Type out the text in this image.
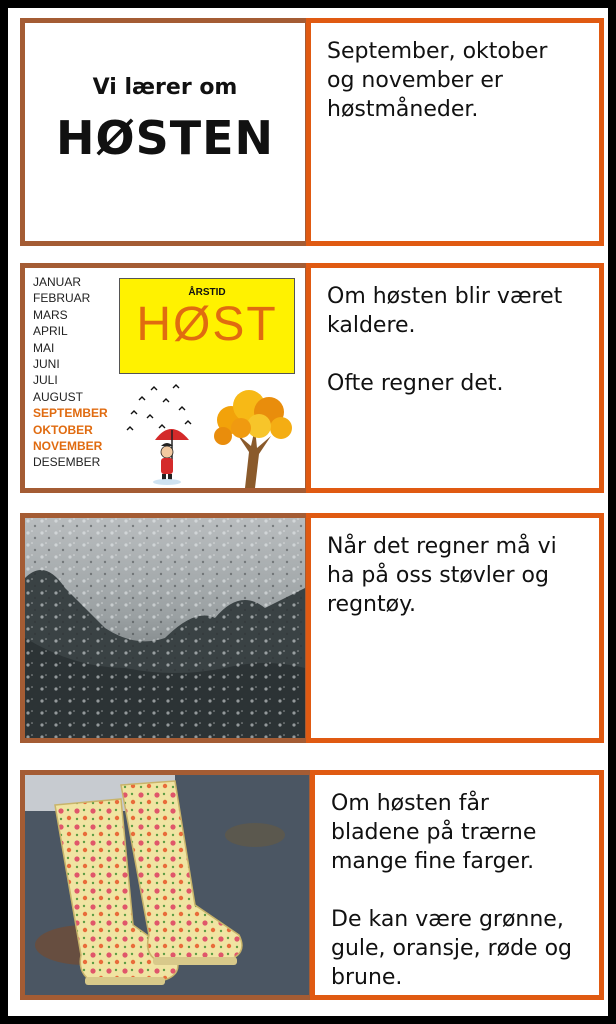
Vi lærer om
HØSTEN
September, oktober
og november er
høstmåneder.
JANUAR
FEBRUAR
MARS
APRIL
MAI
JUNI
JULI
AUGUST
SEPTEMBER
OKTOBER
NOVEMBER
DESEMBER
ÅRSTID
HØST
Om høsten blir været
kaldere.

Ofte regner det.
Når det regner må vi
ha på oss støvler og
regntøy.
Om høsten får
bladene på trærne
mange fine farger.

De kan være grønne,
gule, oransje, røde og
brune.
